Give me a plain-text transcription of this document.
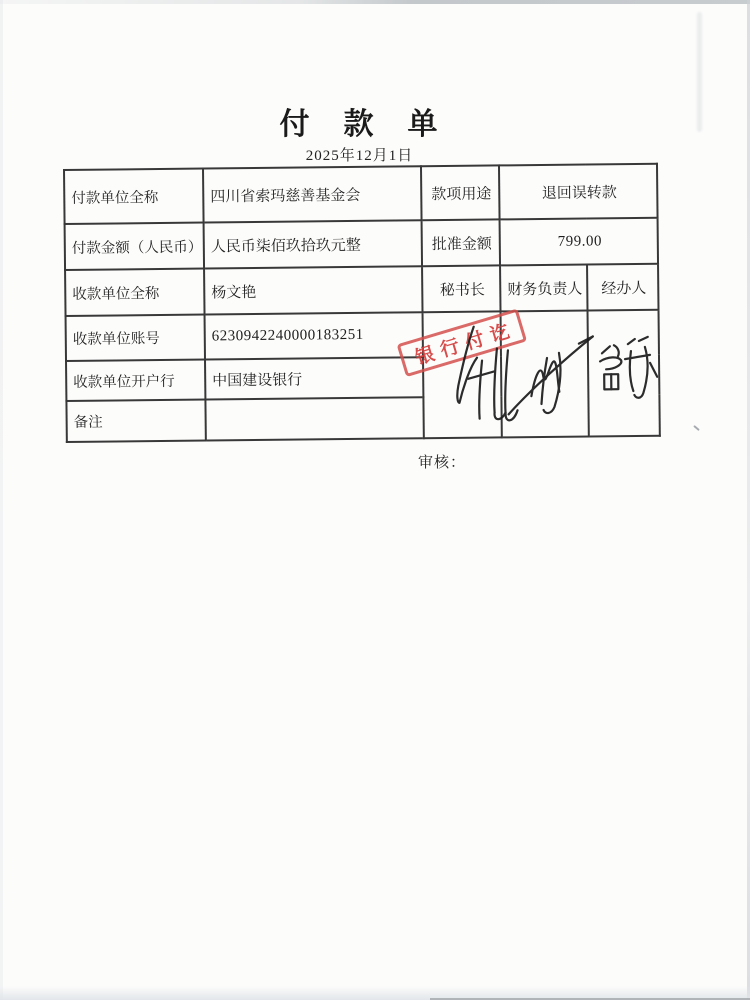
付　款　单
2025年12月1日
付款单位全称	四川省索玛慈善基金会	款项用途	退回误转款	
付款金额（人民币）	人民币柒佰玖拾玖元整	批准金额	799.00	
收款单位全称	杨文艳	秘书长	财务负责人	经办人
收款单位账号	6230942240000183251			
收款单位开户行	中国建设银行			
备注				
银行付讫
审核：
